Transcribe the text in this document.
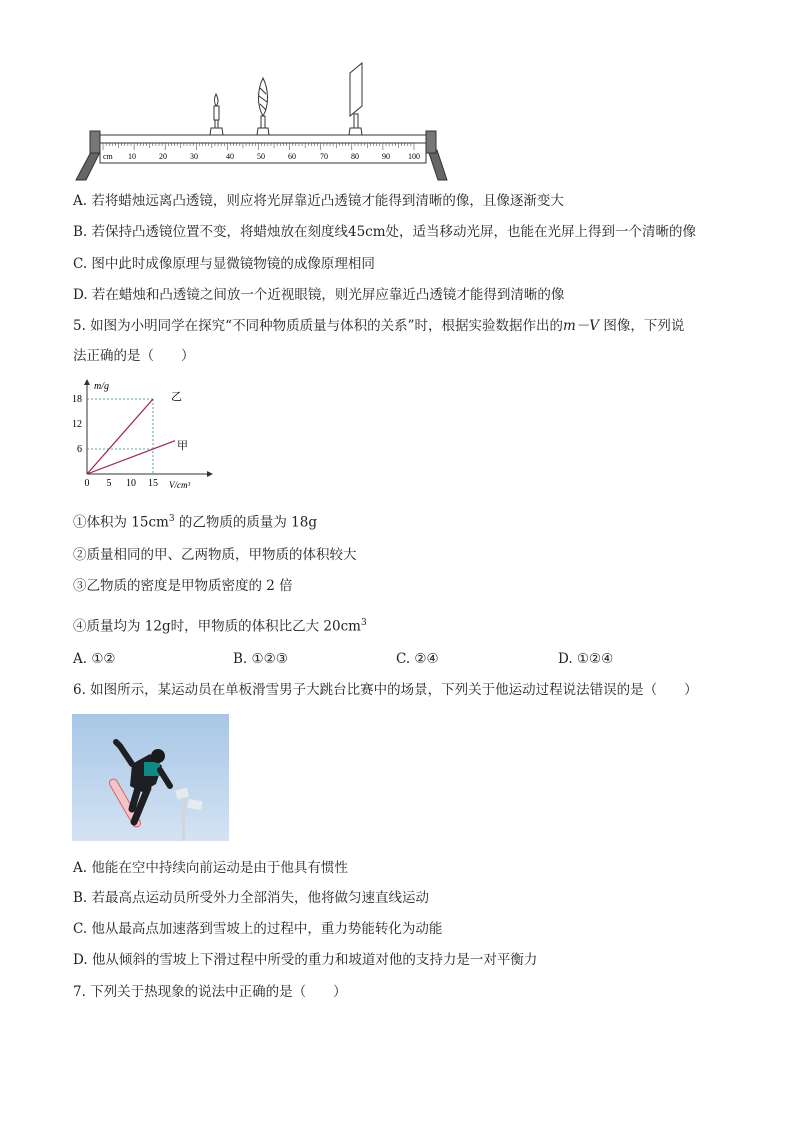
cm 10	20	30	40	50	60	70	80	90 100
A. 若将蜡烛远离凸透镜，则应将光屏靠近凸透镜才能得到清晰的像，且像逐渐变大
B. 若保持凸透镜位置不变，将蜡烛放在刻度线45cm处，适当移动光屏，也能在光屏上得到一个清晰的像
C. 图中此时成像原理与显微镜物镜的成像原理相同
D. 若在蜡烛和凸透镜之间放一个近视眼镜，则光屏应靠近凸透镜才能得到清晰的像
5. 如图为小明同学在探究“不同种物质质量与体积的关系”时，根据实验数据作出的m－V 图像，下列说
法正确的是（　　）
18
12
6
0 5 10 15
m/g
V/cm³
乙
甲
①体积为 $15cm^3$ 的乙物质的质量为 18g
②质量相同的甲、乙两物质，甲物质的体积较大
③乙物质的密度是甲物质密度的 2 倍
④质量均为 12g时，甲物质的体积比乙大 $20cm^3$
A. ①②	B. ①②③	C. ②④	D. ①②④
6. 如图所示，某运动员在单板滑雪男子大跳台比赛中的场景，下列关于他运动过程说法错误的是（　　）
A. 他能在空中持续向前运动是由于他具有惯性
B. 若最高点运动员所受外力全部消失，他将做匀速直线运动
C. 他从最高点加速落到雪坡上的过程中，重力势能转化为动能
D. 他从倾斜的雪坡上下滑过程中所受的重力和坡道对他的支持力是一对平衡力
7. 下列关于热现象的说法中正确的是（　　）
